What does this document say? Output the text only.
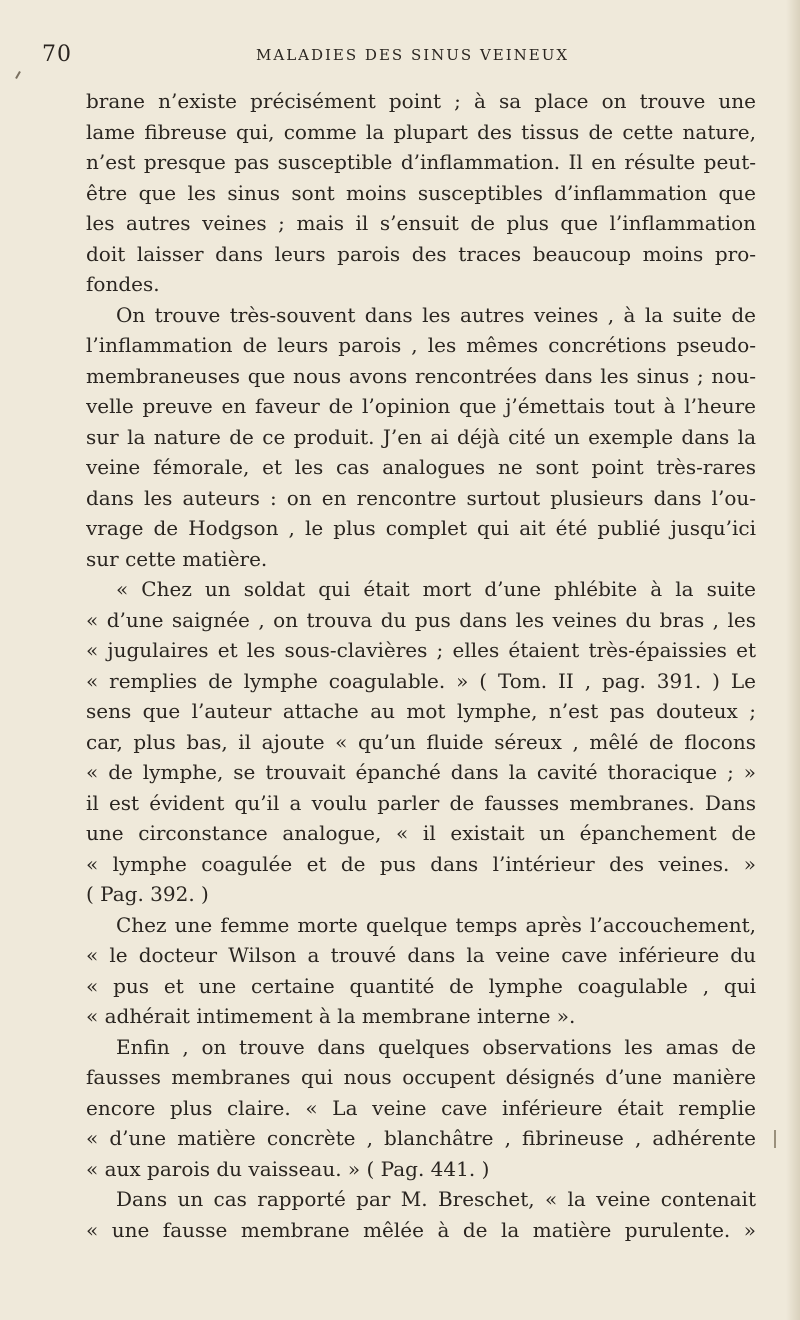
70	MALADIES DES SINUS VEINEUX
brane n’existe précisément point ; à sa place on trouve une
lame fibreuse qui, comme la plupart des tissus de cette nature,
n’est presque pas susceptible d’inflammation. Il en résulte peut-
être que les sinus sont moins susceptibles d’inflammation que
les autres veines ; mais il s’ensuit de plus que l’inflammation
doit laisser dans leurs parois des traces beaucoup moins pro-
fondes.
On trouve très-souvent dans les autres veines , à la suite de
l’inflammation de leurs parois , les mêmes concrétions pseudo-
membraneuses que nous avons rencontrées dans les sinus ; nou-
velle preuve en faveur de l’opinion que j’émettais tout à l’heure
sur la nature de ce produit. J’en ai déjà cité un exemple dans la
veine fémorale, et les cas analogues ne sont point très-rares
dans les auteurs : on en rencontre surtout plusieurs dans l’ou-
vrage de Hodgson , le plus complet qui ait été publié jusqu’ici
sur cette matière.
« Chez un soldat qui était mort d’une phlébite à la suite
« d’une saignée , on trouva du pus dans les veines du bras , les
« jugulaires et les sous-clavières ; elles étaient très-épaissies et
« remplies de lymphe coagulable. » ( Tom. II , pag. 391. ) Le
sens que l’auteur attache au mot lymphe, n’est pas douteux ;
car, plus bas, il ajoute « qu’un fluide séreux , mêlé de flocons
« de lymphe, se trouvait épanché dans la cavité thoracique ; »
il est évident qu’il a voulu parler de fausses membranes. Dans
une circonstance analogue, « il existait un épanchement de
« lymphe coagulée et de pus dans l’intérieur des veines. »
( Pag. 392. )
Chez une femme morte quelque temps après l’accouchement,
« le docteur Wilson a trouvé dans la veine cave inférieure du
« pus et une certaine quantité de lymphe coagulable , qui
« adhérait intimement à la membrane interne ».
Enfin , on trouve dans quelques observations les amas de
fausses membranes qui nous occupent désignés d’une manière
encore plus claire. « La veine cave inférieure était remplie
« d’une matière concrète , blanchâtre , fibrineuse , adhérente
« aux parois du vaisseau. » ( Pag. 441. )
Dans un cas rapporté par M. Breschet, « la veine contenait
« une fausse membrane mêlée à de la matière purulente. »
